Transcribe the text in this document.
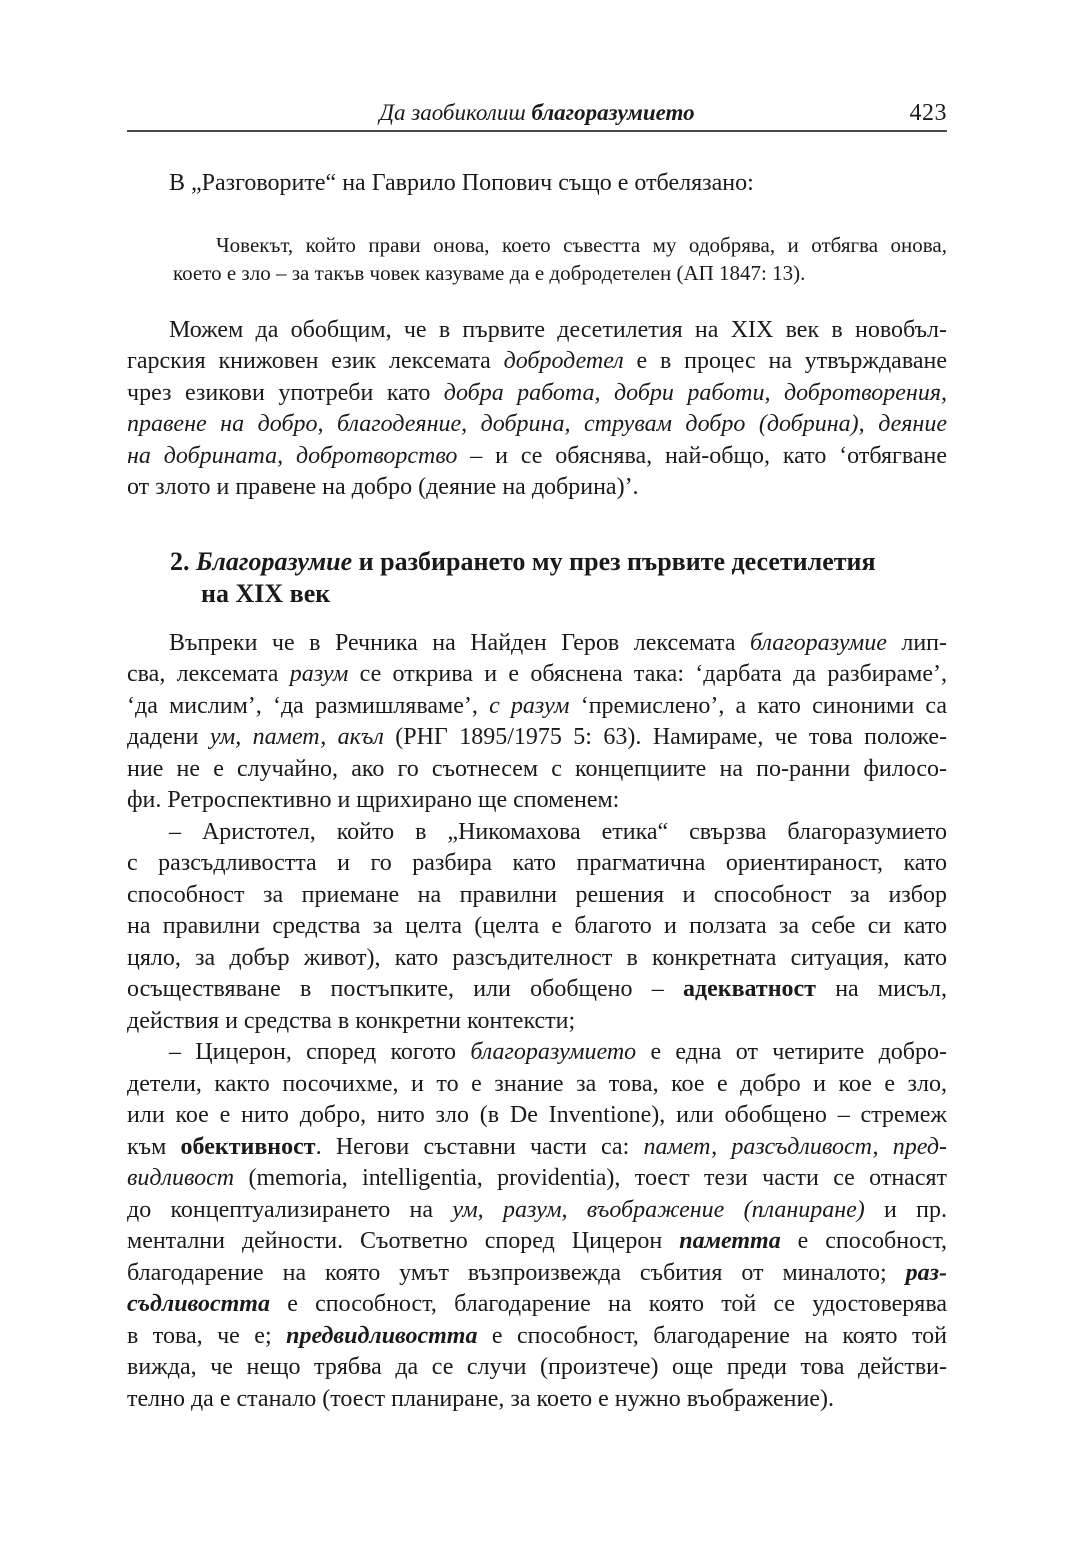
Да заобиколиш благоразумието	423
В „Разговорите“ на Гаврило Попович също е отбелязано:
Човекът, който прави онова, което съвестта му одобрява, и отбягва онова,
което е зло – за такъв човек казуваме да е добродетелен (АП 1847: 13).
Можем да обобщим, че в първите десетилетия на XIX век в новобъл-
гарския книжовен език лексемата добродетел е в процес на утвърждаване
чрез езикови употреби като добра работа, добри работи, добротворения,
правене на добро, благодеяние, добрина, струвам добро (добрина), деяние
на добрината, добротворство – и се обяснява, най-общо, като ‘отбягване
от злото и правене на добро (деяние на добрина)’.
2. Благоразумие и разбирането му през първите десетилетия
на XIX век
Въпреки че в Речника на Найден Геров лексемата благоразумие лип-
сва, лексемата разум се открива и е обяснена така: ‘дарбата да разбираме’,
‘да мислим’, ‘да размишляваме’, с разум ‘премислено’, а като синоними са
дадени ум, памет, акъл (РНГ 1895/1975 5: 63). Намираме, че това положе-
ние не е случайно, ако го съотнесем с концепциите на по-ранни филосо-
фи. Ретроспективно и щрихирано ще споменем:
– Аристотел, който в „Никомахова етика“ свързва благоразумието
с разсъдливостта и го разбира като прагматична ориентираност, като
способност за приемане на правилни решения и способност за избор
на правилни средства за целта (целта е благото и ползата за себе си като
цяло, за добър живот), като разсъдителност в конкретната ситуация, като
осъществяване в постъпките, или обобщено – адекватност на мисъл,
действия и средства в конкретни контексти;
– Цицерон, според когото благоразумието е една от четирите добро-
детели, както посочихме, и то е знание за това, кое е добро и кое е зло,
или кое е нито добро, нито зло (в De Inventione), или обобщено – стремеж
към обективност. Негови съставни части са: памет, разсъдливост, пред-
видливост (memoria, intelligentia, providentia), тоест тези части се отнасят
до концептуализирането на ум, разум, въображение (планиране) и пр.
ментални дейности. Съответно според Цицерон паметта е способност,
благодарение на която умът възпроизвежда събития от миналото; раз-
съдливостта е способност, благодарение на която той се удостоверява
в това, че е; предвидливостта е способност, благодарение на която той
вижда, че нещо трябва да се случи (произтече) още преди това действи-
телно да е станало (тоест планиране, за което е нужно въображение).
